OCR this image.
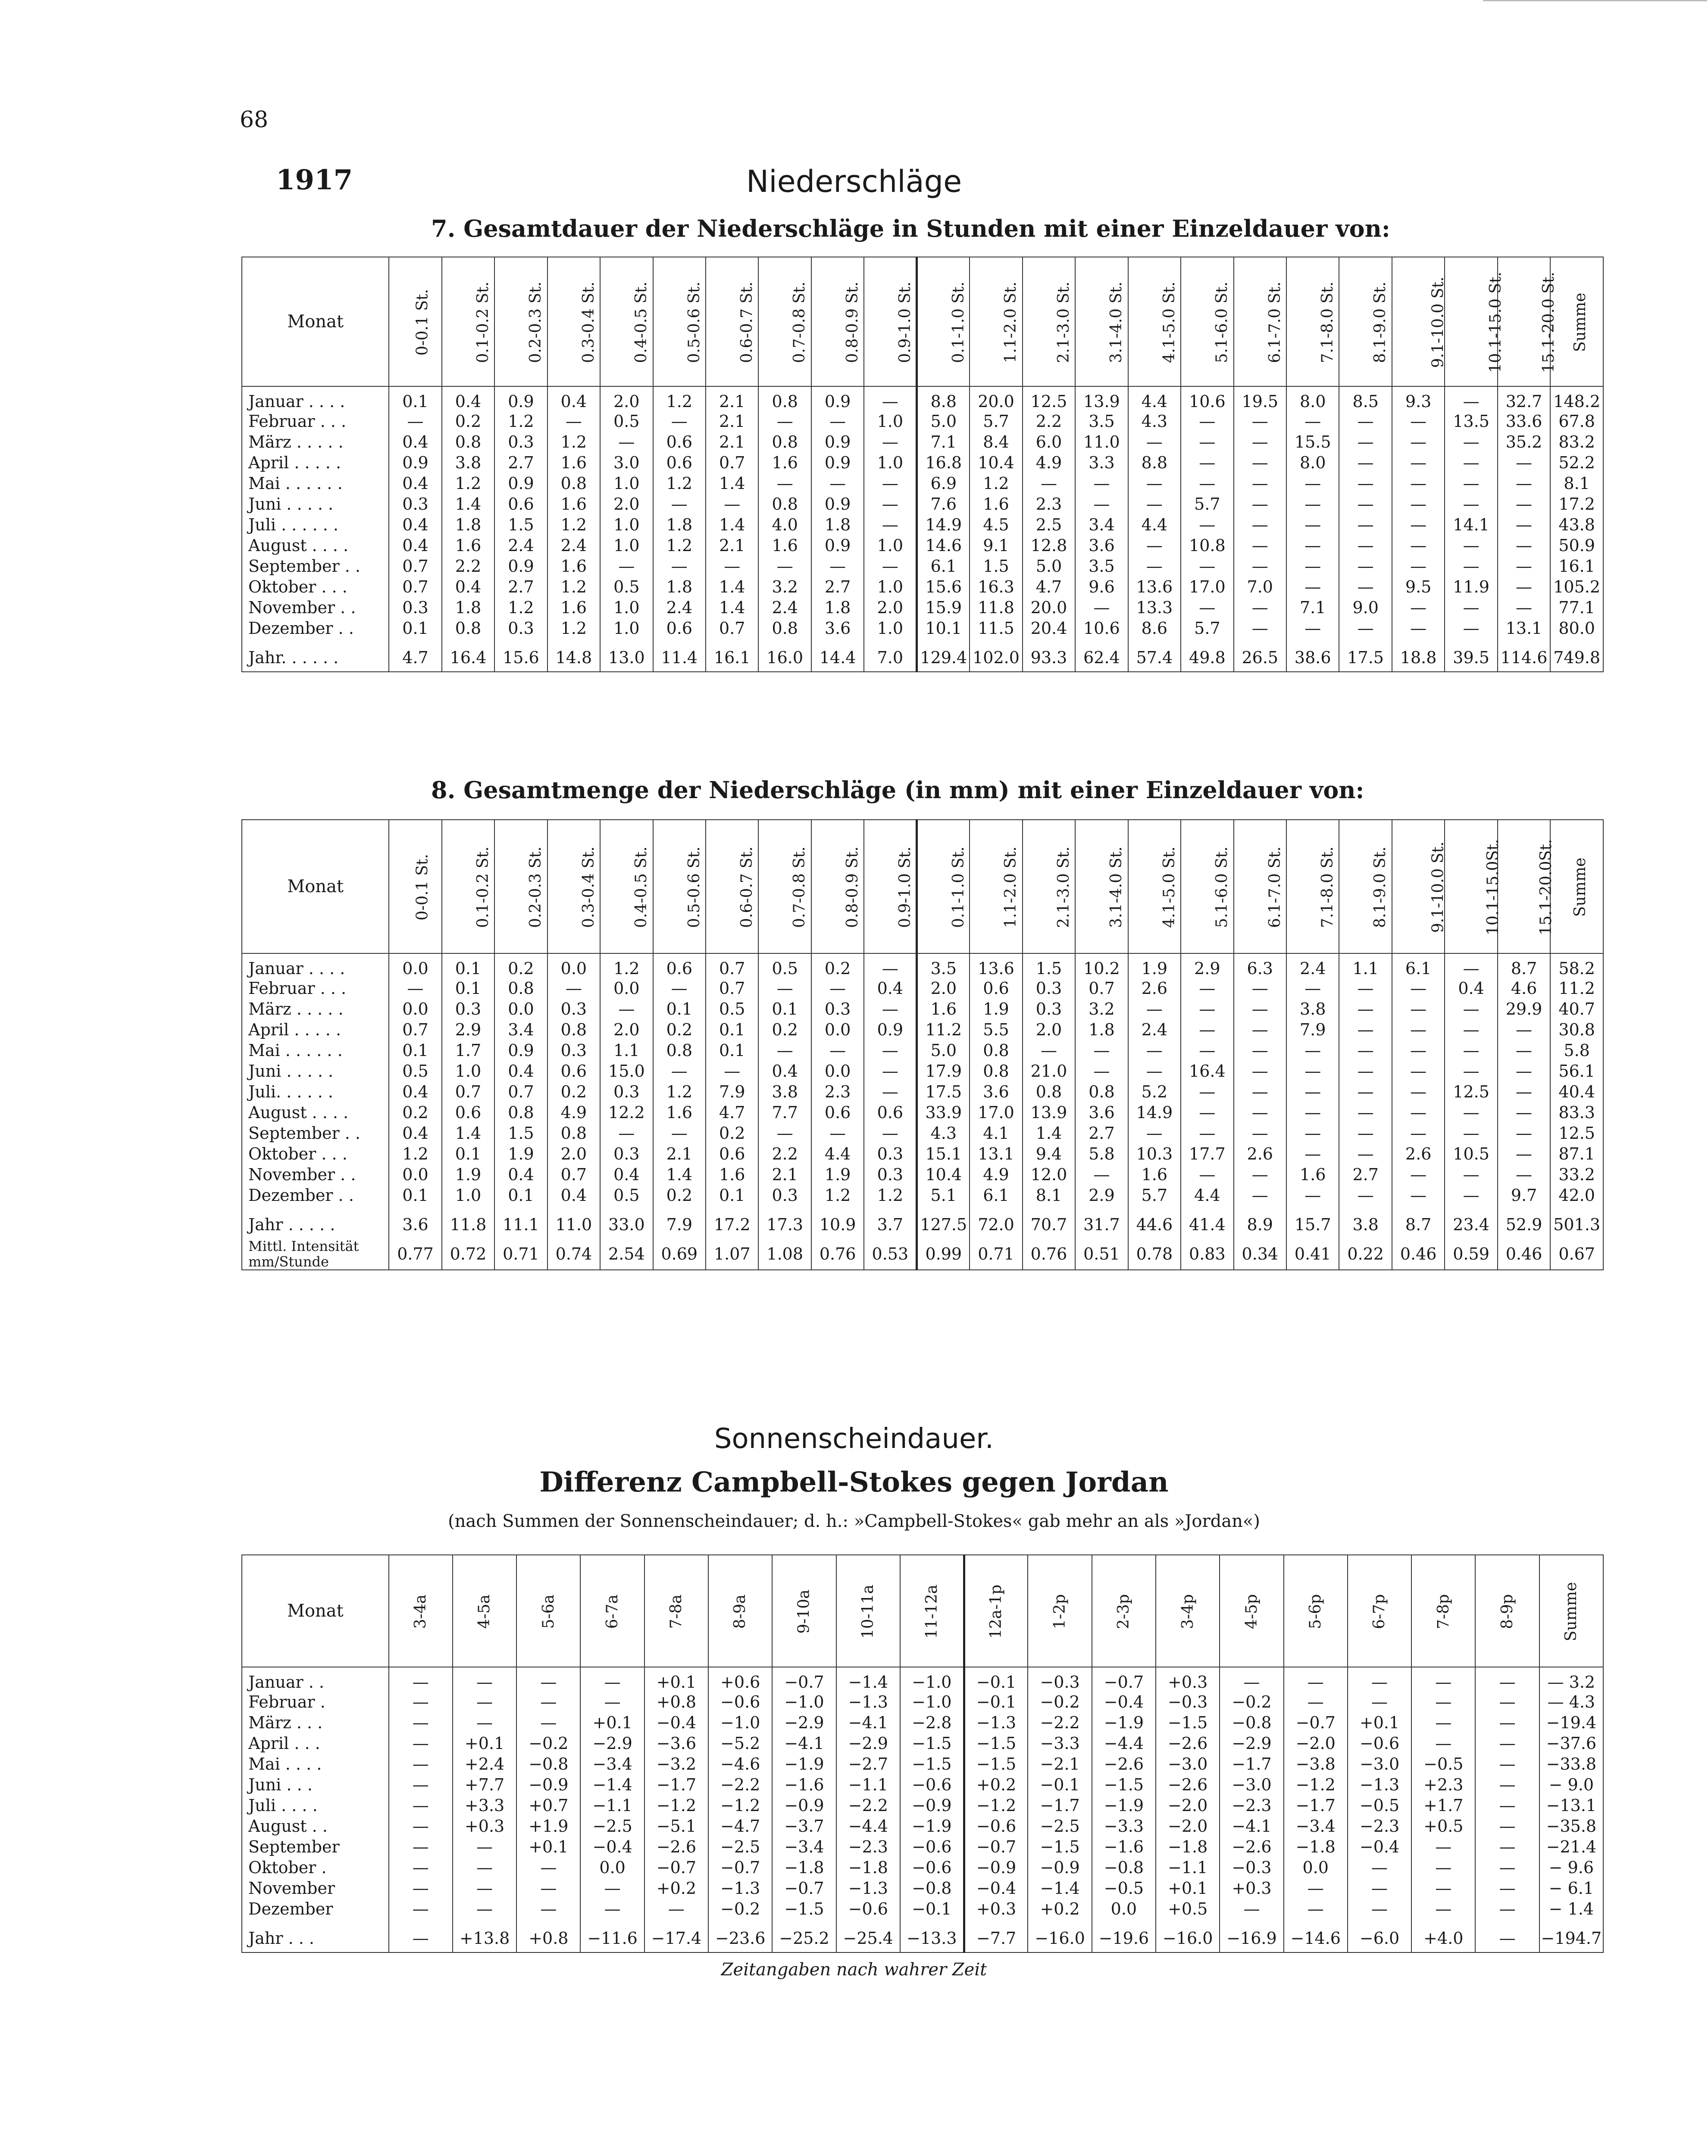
68
1917	Niederschläge
7. Gesamtdauer der Niederschläge in Stunden mit einer Einzeldauer von:
Monat	0-0.1 St.	0.1-0.2 St.	0.2-0.3 St.	0.3-0.4 St.	0.4-0.5 St.	0.5-0.6 St.	0.6-0.7 St.	0.7-0.8 St.	0.8-0.9 St.	0.9-1.0 St.	0.1-1.0 St.	1.1-2.0 St.	2.1-3.0 St.	3.1-4.0 St.	4.1-5.0 St.	5.1-6.0 St.	6.1-7.0 St.	7.1-8.0 St.	8.1-9.0 St.	9.1-10.0 St.	10.1-15.0 St.	15.1-20.0 St.	Summe
Januar . . . .	0.1	0.4	0.9	0.4	2.0	1.2	2.1	0.8	0.9	—	8.8	20.0	12.5	13.9	4.4	10.6	19.5	8.0	8.5	9.3	—	32.7	148.2
Februar . . .	—	0.2	1.2	—	0.5	—	2.1	—	—	1.0	5.0	5.7	2.2	3.5	4.3	—	—	—	—	—	13.5	33.6	67.8
März . . . . .	0.4	0.8	0.3	1.2	—	0.6	2.1	0.8	0.9	—	7.1	8.4	6.0	11.0	—	—	—	15.5	—	—	—	35.2	83.2
April . . . . .	0.9	3.8	2.7	1.6	3.0	0.6	0.7	1.6	0.9	1.0	16.8	10.4	4.9	3.3	8.8	—	—	8.0	—	—	—	—	52.2
Mai . . . . . .	0.4	1.2	0.9	0.8	1.0	1.2	1.4	—	—	—	6.9	1.2	—	—	—	—	—	—	—	—	—	—	8.1
Juni . . . . .	0.3	1.4	0.6	1.6	2.0	—	—	0.8	0.9	—	7.6	1.6	2.3	—	—	5.7	—	—	—	—	—	—	17.2
Juli . . . . . .	0.4	1.8	1.5	1.2	1.0	1.8	1.4	4.0	1.8	—	14.9	4.5	2.5	3.4	4.4	—	—	—	—	—	14.1	—	43.8
August . . . .	0.4	1.6	2.4	2.4	1.0	1.2	2.1	1.6	0.9	1.0	14.6	9.1	12.8	3.6	—	10.8	—	—	—	—	—	—	50.9
September . .	0.7	2.2	0.9	1.6	—	—	—	—	—	—	6.1	1.5	5.0	3.5	—	—	—	—	—	—	—	—	16.1
Oktober . . .	0.7	0.4	2.7	1.2	0.5	1.8	1.4	3.2	2.7	1.0	15.6	16.3	4.7	9.6	13.6	17.0	7.0	—	—	9.5	11.9	—	105.2
November . .	0.3	1.8	1.2	1.6	1.0	2.4	1.4	2.4	1.8	2.0	15.9	11.8	20.0	—	13.3	—	—	7.1	9.0	—	—	—	77.1
Dezember . .	0.1	0.8	0.3	1.2	1.0	0.6	0.7	0.8	3.6	1.0	10.1	11.5	20.4	10.6	8.6	5.7	—	—	—	—	—	13.1	80.0
Jahr. . . . . .	4.7	16.4	15.6	14.8	13.0	11.4	16.1	16.0	14.4	7.0	129.4	102.0	93.3	62.4	57.4	49.8	26.5	38.6	17.5	18.8	39.5	114.6	749.8
8. Gesamtmenge der Niederschläge (in mm) mit einer Einzeldauer von:
Monat	0-0.1 St.	0.1-0.2 St.	0.2-0.3 St.	0.3-0.4 St.	0.4-0.5 St.	0.5-0.6 St.	0.6-0.7 St.	0.7-0.8 St.	0.8-0.9 St.	0.9-1.0 St.	0.1-1.0 St.	1.1-2.0 St.	2.1-3.0 St.	3.1-4.0 St.	4.1-5.0 St.	5.1-6.0 St.	6.1-7.0 St.	7.1-8.0 St.	8.1-9.0 St.	9.1-10.0 St.	10.1-15.0St.	15.1-20.0St.	Summe
Januar . . . .	0.0	0.1	0.2	0.0	1.2	0.6	0.7	0.5	0.2	—	3.5	13.6	1.5	10.2	1.9	2.9	6.3	2.4	1.1	6.1	—	8.7	58.2
Februar . . .	—	0.1	0.8	—	0.0	—	0.7	—	—	0.4	2.0	0.6	0.3	0.7	2.6	—	—	—	—	—	0.4	4.6	11.2
März . . . . .	0.0	0.3	0.0	0.3	—	0.1	0.5	0.1	0.3	—	1.6	1.9	0.3	3.2	—	—	—	3.8	—	—	—	29.9	40.7
April . . . . .	0.7	2.9	3.4	0.8	2.0	0.2	0.1	0.2	0.0	0.9	11.2	5.5	2.0	1.8	2.4	—	—	7.9	—	—	—	—	30.8
Mai . . . . . .	0.1	1.7	0.9	0.3	1.1	0.8	0.1	—	—	—	5.0	0.8	—	—	—	—	—	—	—	—	—	—	5.8
Juni . . . . .	0.5	1.0	0.4	0.6	15.0	—	—	0.4	0.0	—	17.9	0.8	21.0	—	—	16.4	—	—	—	—	—	—	56.1
Juli. . . . . .	0.4	0.7	0.7	0.2	0.3	1.2	7.9	3.8	2.3	—	17.5	3.6	0.8	0.8	5.2	—	—	—	—	—	12.5	—	40.4
August . . . .	0.2	0.6	0.8	4.9	12.2	1.6	4.7	7.7	0.6	0.6	33.9	17.0	13.9	3.6	14.9	—	—	—	—	—	—	—	83.3
September . .	0.4	1.4	1.5	0.8	—	—	0.2	—	—	—	4.3	4.1	1.4	2.7	—	—	—	—	—	—	—	—	12.5
Oktober . . .	1.2	0.1	1.9	2.0	0.3	2.1	0.6	2.2	4.4	0.3	15.1	13.1	9.4	5.8	10.3	17.7	2.6	—	—	2.6	10.5	—	87.1
November . .	0.0	1.9	0.4	0.7	0.4	1.4	1.6	2.1	1.9	0.3	10.4	4.9	12.0	—	1.6	—	—	1.6	2.7	—	—	—	33.2
Dezember . .	0.1	1.0	0.1	0.4	0.5	0.2	0.1	0.3	1.2	1.2	5.1	6.1	8.1	2.9	5.7	4.4	—	—	—	—	—	9.7	42.0
Jahr . . . . .	3.6	11.8	11.1	11.0	33.0	7.9	17.2	17.3	10.9	3.7	127.5	72.0	70.7	31.7	44.6	41.4	8.9	15.7	3.8	8.7	23.4	52.9	501.3
Mittl. Intensität mm/Stunde	0.77	0.72	0.71	0.74	2.54	0.69	1.07	1.08	0.76	0.53	0.99	0.71	0.76	0.51	0.78	0.83	0.34	0.41	0.22	0.46	0.59	0.46	0.67
Sonnenscheindauer.
Differenz Campbell-Stokes gegen Jordan
(nach Summen der Sonnenscheindauer; d. h.: »Campbell-Stokes« gab mehr an als »Jordan«)
Monat	3-4a	4-5a	5-6a	6-7a	7-8a	8-9a	9-10a	10-11a	11-12a	12a-1p	1-2p	2-3p	3-4p	4-5p	5-6p	6-7p	7-8p	8-9p	Summe
Januar . .	—	—	—	—	+0.1	+0.6	−0.7	−1.4	−1.0	−0.1	−0.3	−0.7	+0.3	—	—	—	—	—	— 3.2
Februar .	—	—	—	—	+0.8	−0.6	−1.0	−1.3	−1.0	−0.1	−0.2	−0.4	−0.3	−0.2	—	—	—	—	— 4.3
März . . .	—	—	—	+0.1	−0.4	−1.0	−2.9	−4.1	−2.8	−1.3	−2.2	−1.9	−1.5	−0.8	−0.7	+0.1	—	—	−19.4
April . . .	—	+0.1	−0.2	−2.9	−3.6	−5.2	−4.1	−2.9	−1.5	−1.5	−3.3	−4.4	−2.6	−2.9	−2.0	−0.6	—	—	−37.6
Mai . . . .	—	+2.4	−0.8	−3.4	−3.2	−4.6	−1.9	−2.7	−1.5	−1.5	−2.1	−2.6	−3.0	−1.7	−3.8	−3.0	−0.5	—	−33.8
Juni . . .	—	+7.7	−0.9	−1.4	−1.7	−2.2	−1.6	−1.1	−0.6	+0.2	−0.1	−1.5	−2.6	−3.0	−1.2	−1.3	+2.3	—	− 9.0
Juli . . . .	—	+3.3	+0.7	−1.1	−1.2	−1.2	−0.9	−2.2	−0.9	−1.2	−1.7	−1.9	−2.0	−2.3	−1.7	−0.5	+1.7	—	−13.1
August . .	—	+0.3	+1.9	−2.5	−5.1	−4.7	−3.7	−4.4	−1.9	−0.6	−2.5	−3.3	−2.0	−4.1	−3.4	−2.3	+0.5	—	−35.8
September	—	—	+0.1	−0.4	−2.6	−2.5	−3.4	−2.3	−0.6	−0.7	−1.5	−1.6	−1.8	−2.6	−1.8	−0.4	—	—	−21.4
Oktober .	—	—	—	0.0	−0.7	−0.7	−1.8	−1.8	−0.6	−0.9	−0.9	−0.8	−1.1	−0.3	0.0	—	—	—	− 9.6
November	—	—	—	—	+0.2	−1.3	−0.7	−1.3	−0.8	−0.4	−1.4	−0.5	+0.1	+0.3	—	—	—	—	− 6.1
Dezember	—	—	—	—	—	−0.2	−1.5	−0.6	−0.1	+0.3	+0.2	0.0	+0.5	—	—	—	—	—	− 1.4
Jahr . . .	—	+13.8	+0.8	−11.6	−17.4	−23.6	−25.2	−25.4	−13.3	−7.7	−16.0	−19.6	−16.0	−16.9	−14.6	−6.0	+4.0	—	−194.7
Zeitangaben nach wahrer Zeit
